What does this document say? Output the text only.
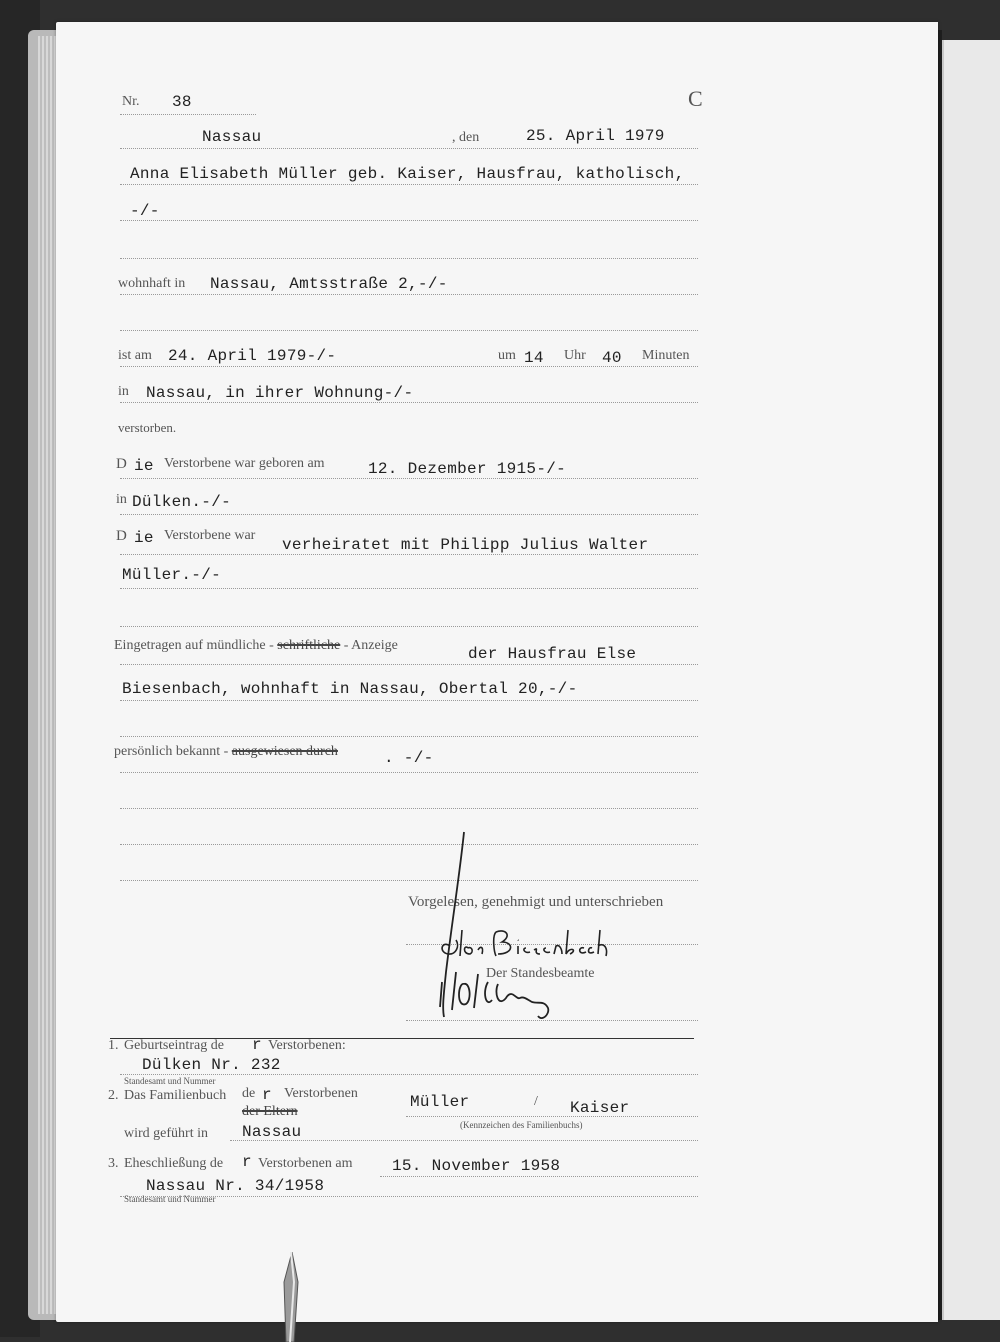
Nr. 38	C
Nassau	, den	25. April 1979
Anna Elisabeth Müller geb. Kaiser, Hausfrau, katholisch,
-/-
wohnhaft in Nassau, Amtsstraße 2,-/-
ist am 24. April 1979-/-	um 14 Uhr 40 Minuten
in Nassau, in ihrer Wohnung-/-
verstorben.
D ie Verstorbene war geboren am	12. Dezember 1915-/-
in Dülken.-/-
D ie Verstorbene war
verheiratet mit Philipp Julius Walter
Müller.-/-
Eingetragen auf mündliche - schriftliche - Anzeige	der Hausfrau Else
Biesenbach, wohnhaft in Nassau, Obertal 20,-/-
persönlich bekannt - ausgewiesen durch	. -/-
Vorgelesen, genehmigt und unterschrieben
Der Standesbeamte
1. Geburtseintrag de r Verstorbenen:
Dülken Nr. 232
Standesamt und Nummer
2. Das Familienbuch de r Verstorbenen
der Eltern
Müller	/ Kaiser
(Kennzeichen des Familienbuchs)
wird geführt in Nassau
3. Eheschließung de r Verstorbenen am 15. November 1958
Nassau Nr. 34/1958
Standesamt und Nummer
